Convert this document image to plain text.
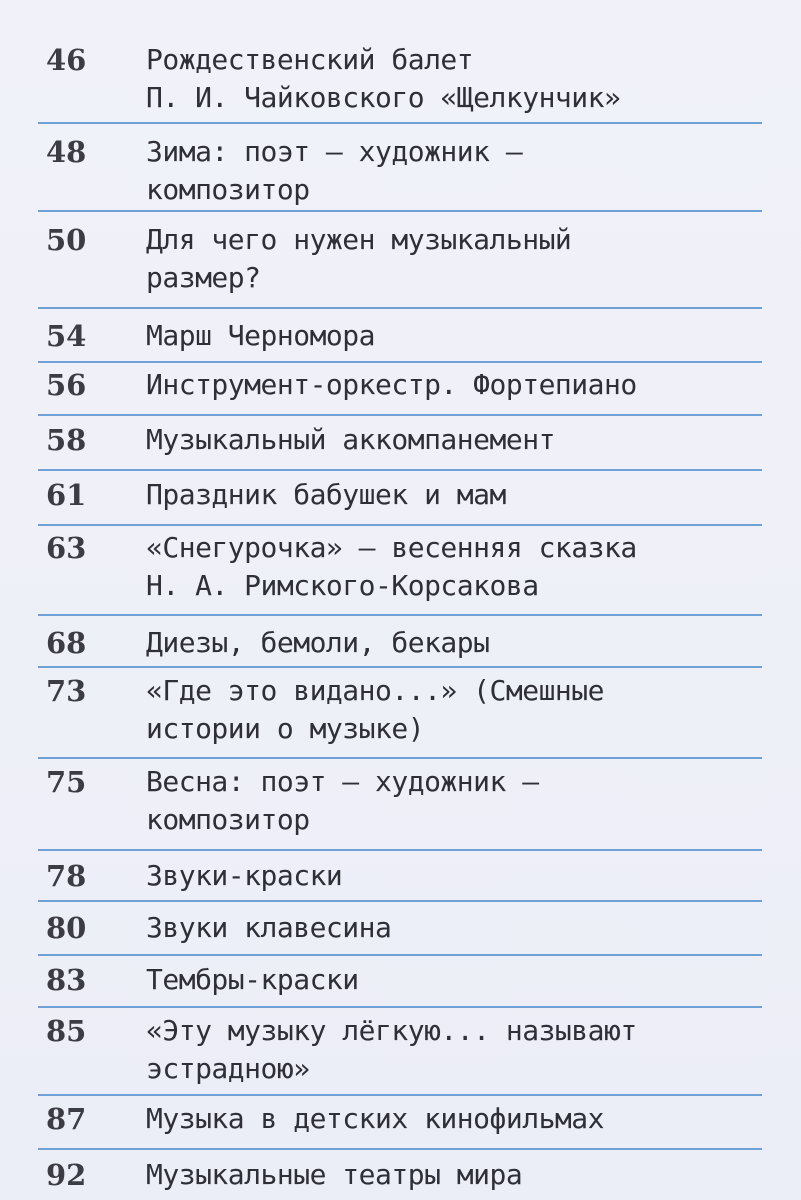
46 Рождественский балет
П. И. Чайковского «Щелкунчик»
48 Зима: поэт — художник —
композитор
50 Для чего нужен музыкальный
размер?
54 Марш Черномора
56 Инструмент-оркестр. Фортепиано
58 Музыкальный аккомпанемент
61 Праздник бабушек и мам
63 «Снегурочка» — весенняя сказка
Н. А. Римского-Корсакова
68 Диезы, бемоли, бекары
73 «Где это видано...» (Смешные
истории о музыке)
75 Весна: поэт — художник —
композитор
78 Звуки-краски
80 Звуки клавесина
83 Тембры-краски
85 «Эту музыку лёгкую... называют
эстрадною»
87 Музыка в детских кинофильмах
92 Музыкальные театры мира
